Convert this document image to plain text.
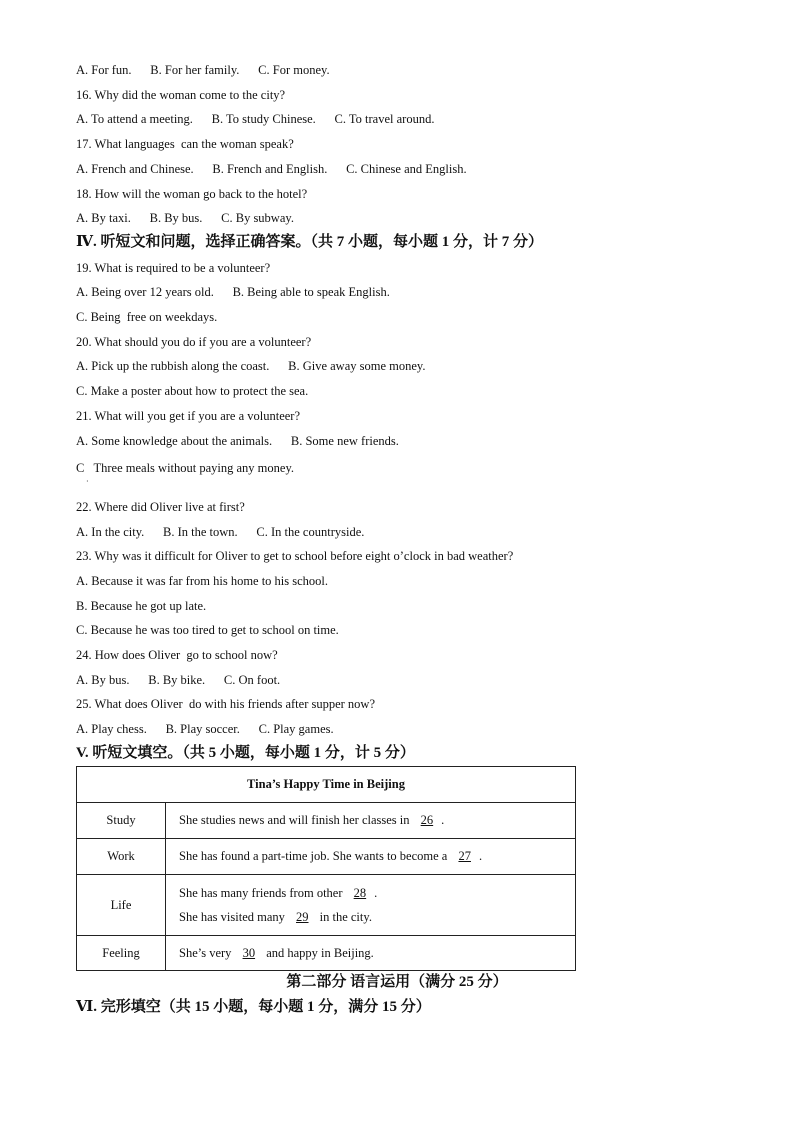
A. For fun.      B. For her family.      C. For money.
16. Why did the woman come to the city?
A. To attend a meeting.      B. To study Chinese.      C. To travel around.
17. What languages  can the woman speak?
A. French and Chinese.      B. French and English.      C. Chinese and English.
18. How will the woman go back to the hotel?
A. By taxi.      B. By bus.      C. By subway.
Ⅳ. 听短文和问题，选择正确答案。（共 7 小题，每小题 1 分，计 7 分）
19. What is required to be a volunteer?
A. Being over 12 years old.      B. Being able to speak English.
C. Being  free on weekdays.
20. What should you do if you are a volunteer?
A. Pick up the rubbish along the coast.      B. Give away some money.
C. Make a poster about how to protect the sea.
21. What will you get if you are a volunteer?
A. Some knowledge about the animals.      B. Some new friends.
C   Three meals without paying any money.
·
22. Where did Oliver live at first?
A. In the city.      B. In the town.      C. In the countryside.
23. Why was it difficult for Oliver to get to school before eight o’clock in bad weather?
A. Because it was far from his home to his school.
B. Because he got up late.
C. Because he was too tired to get to school on time.
24. How does Oliver  go to school now?
A. By bus.      B. By bike.      C. On foot.
25. What does Oliver  do with his friends after supper now?
A. Play chess.      B. Play soccer.      C. Play games.
V. 听短文填空。（共 5 小题，每小题 1 分，计 5 分）
Tina’s Happy Time in Beijing	
Study	She studies news and will finish her classes in 26 .
Work	She has found a part-time job. She wants to become a 27 .
Life	She has many friends from other 28 .
She has visited many 29 in the city.

Feeling	She’s very 30 and happy in Beijing.
第二部分 语言运用（满分 25 分）
Ⅵ. 完形填空（共 15 小题，每小题 1 分，满分 15 分）
